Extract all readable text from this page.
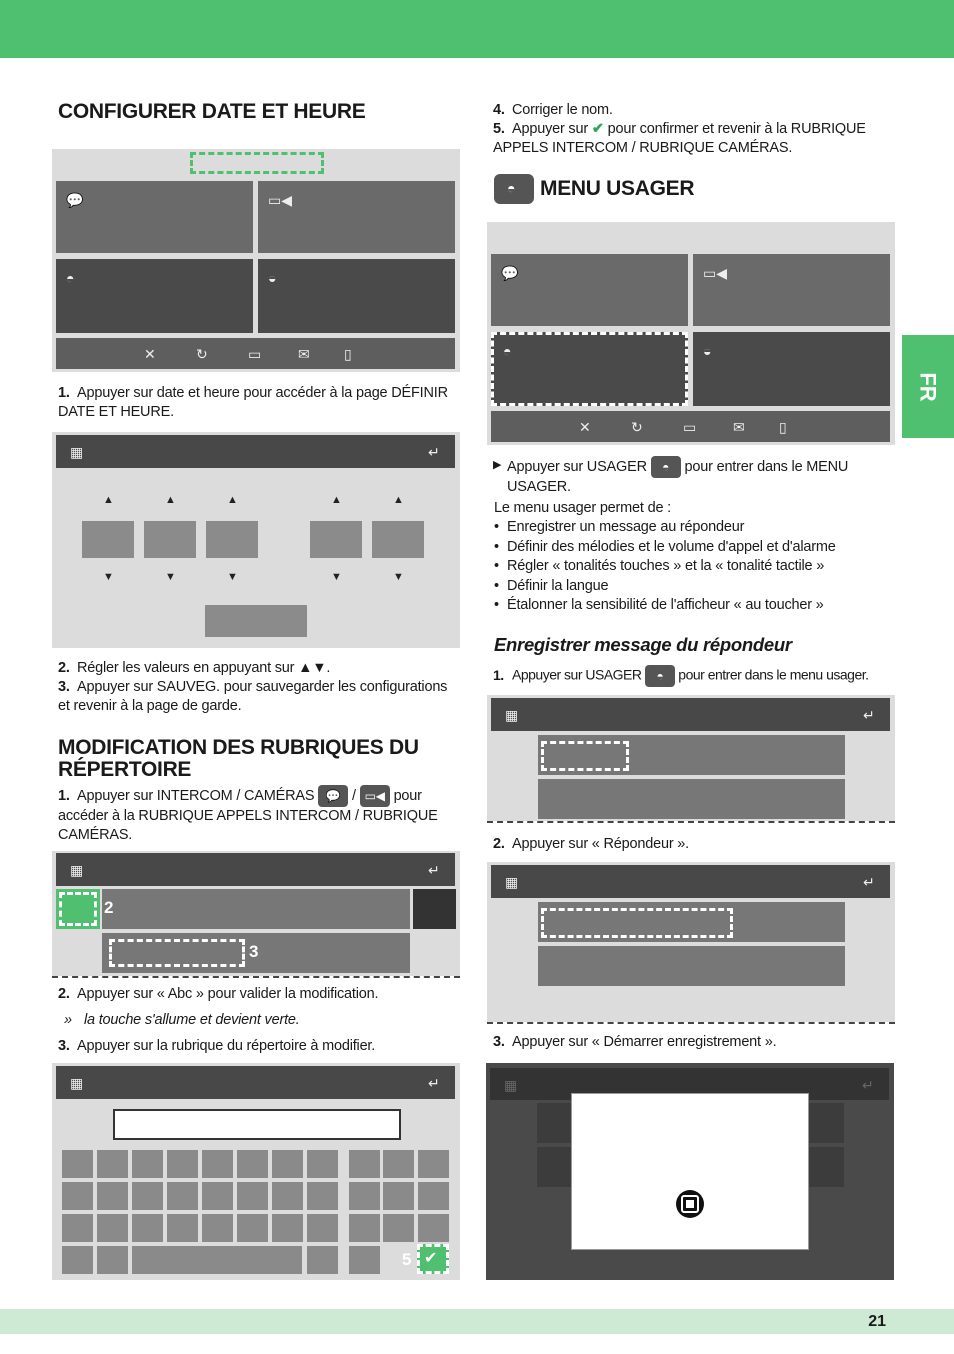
FR
CONFIGURER DATE ET HEURE
💬	▭◀
◓	◒
✕	↻	▭	✉ ▯

1. Appuyer sur date et heure pour accéder à la page DÉFINIR DATE ET HEURE.

▦	↵
▲	▲	▲	▲	▲
▼	▼	▼	▼	▼

2. Régler les valeurs en appuyant sur ▲▼.

3. Appuyer sur SAUVEG. pour sauvegarder les configurations et revenir à la page de garde.

MODIFICATION DES RUBRIQUES DU RÉPERTOIRE

1. Appuyer sur INTERCOM / CAMÉRAS 💬 / ▭◀ pour accéder à la RUBRIQUE APPELS INTERCOM / RUBRIQUE CAMÉRAS.

▦	↵
2
3

2. Appuyer sur « Abc » pour valider la modification.

» la touche s'allume et devient verte.

3. Appuyer sur la rubrique du répertoire à modifier.

▦	↵
✔
5

4. Corriger le nom.

5. Appuyer sur ✔ pour confirmer et revenir à la RUBRIQUE APPELS INTERCOM / RUBRIQUE CAMÉRAS.

◓ MENU USAGER
💬	▭◀
◓	◒
✕	↻	▭	✉ ▯

▶ Appuyer sur USAGER ◓ pour entrer dans le MENU USAGER.

Le menu usager permet de :

• Enregistrer un message au répondeur
• Définir des mélodies et le volume d'appel et d'alarme
• Régler « tonalités touches » et la « tonalité tactile »
• Définir la langue
• Étalonner la sensibilité de l'afficheur « au toucher »
Enregistrer message du répondeur

1. Appuyer sur USAGER ◓ pour entrer dans le menu usager.

▦	↵

2. Appuyer sur « Répondeur ».

▦	↵

3. Appuyer sur « Démarrer enregistrement ».

▦	↵
21
